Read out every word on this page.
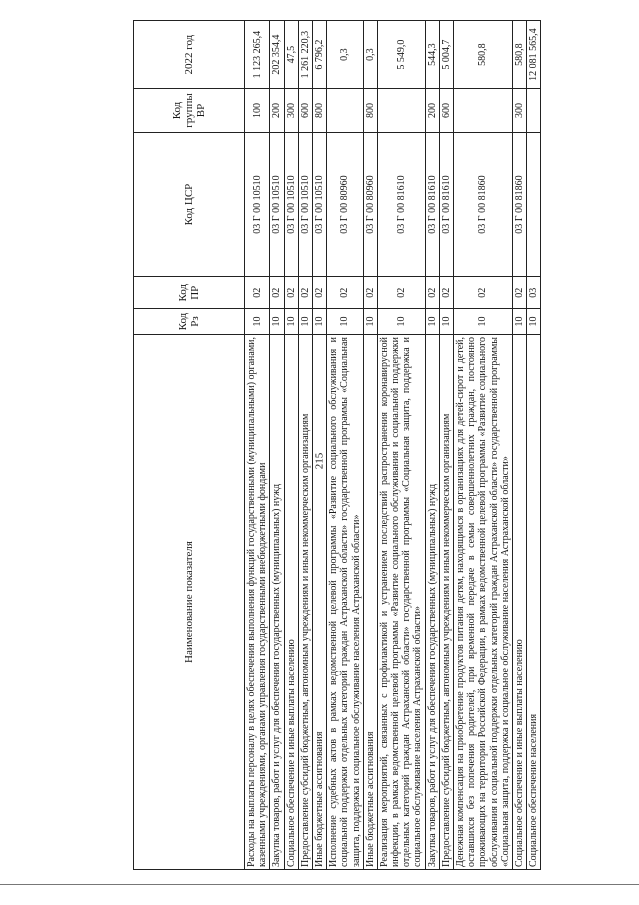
215
Наименование показателя	Код Рз	Код ПР	Код ЦСР	Код группы ВР	2022 год
Расходы на выплаты персоналу в целях обеспечения выполнения функций государственными (муниципальными) органами, казенными учреждениями, органами управления государственными внебюджетными фондами	10	02	03 Г 00 10510	100	1 123 265,4
Закупка товаров, работ и услуг для обеспечения государственных (муниципальных) нужд	10	02	03 Г 00 10510	200	202 354,4
Социальное обеспечение и иные выплаты населению	10	02	03 Г 00 10510	300	47,5
Предоставление субсидий бюджетным, автономным учреждениям и иным некоммерческим организациям	10	02	03 Г 00 10510	600	1 261 220,3
Иные бюджетные ассигнования	10	02	03 Г 00 10510	800	6 796,2
Исполнение судебных актов в рамках ведомственной целевой программы «Развитие социального обслуживания и социальной поддержки отдельных категорий граждан Астраханской области» государственной программы «Социальная защита, поддержка и социальное обслуживание населения Астраханской области»	10	02	03 Г 00 80960		0,3
Иные бюджетные ассигнования	10	02	03 Г 00 80960	800	0,3
Реализация мероприятий, связанных с профилактикой и устранением последствий распространения коронавирусной инфекции, в рамках ведомственной целевой программы «Развитие социального обслуживания и социальной поддержки отдельных категорий граждан Астраханской области» государственной программы «Социальная защита, поддержка и социальное обслуживание населения Астраханской области»	10	02	03 Г 00 81610		5 549,0
Закупка товаров, работ и услуг для обеспечения государственных (муниципальных) нужд	10	02	03 Г 00 81610	200	544,3
Предоставление субсидий бюджетным, автономным учреждениям и иным некоммерческим организациям	10	02	03 Г 00 81610	600	5 004,7
Денежная компенсация на приобретение продуктов питания детям, находящимся в организациях для детей-сирот и детей, оставшихся без попечения родителей, при временной передаче в семьи совершеннолетних граждан, постоянно проживающих на территории Российской Федерации, в рамках ведомственной целевой программы «Развитие социального обслуживания и социальной поддержки отдельных категорий граждан Астраханской области» государственной программы «Социальная защита, поддержка и социальное обслуживание населения Астраханской области»	10	02	03 Г 00 81860		580,8
Социальное обеспечение и иные выплаты населению	10	02	03 Г 00 81860	300	580,8
Социальное обеспечение населения	10	03			12 081 565,4
